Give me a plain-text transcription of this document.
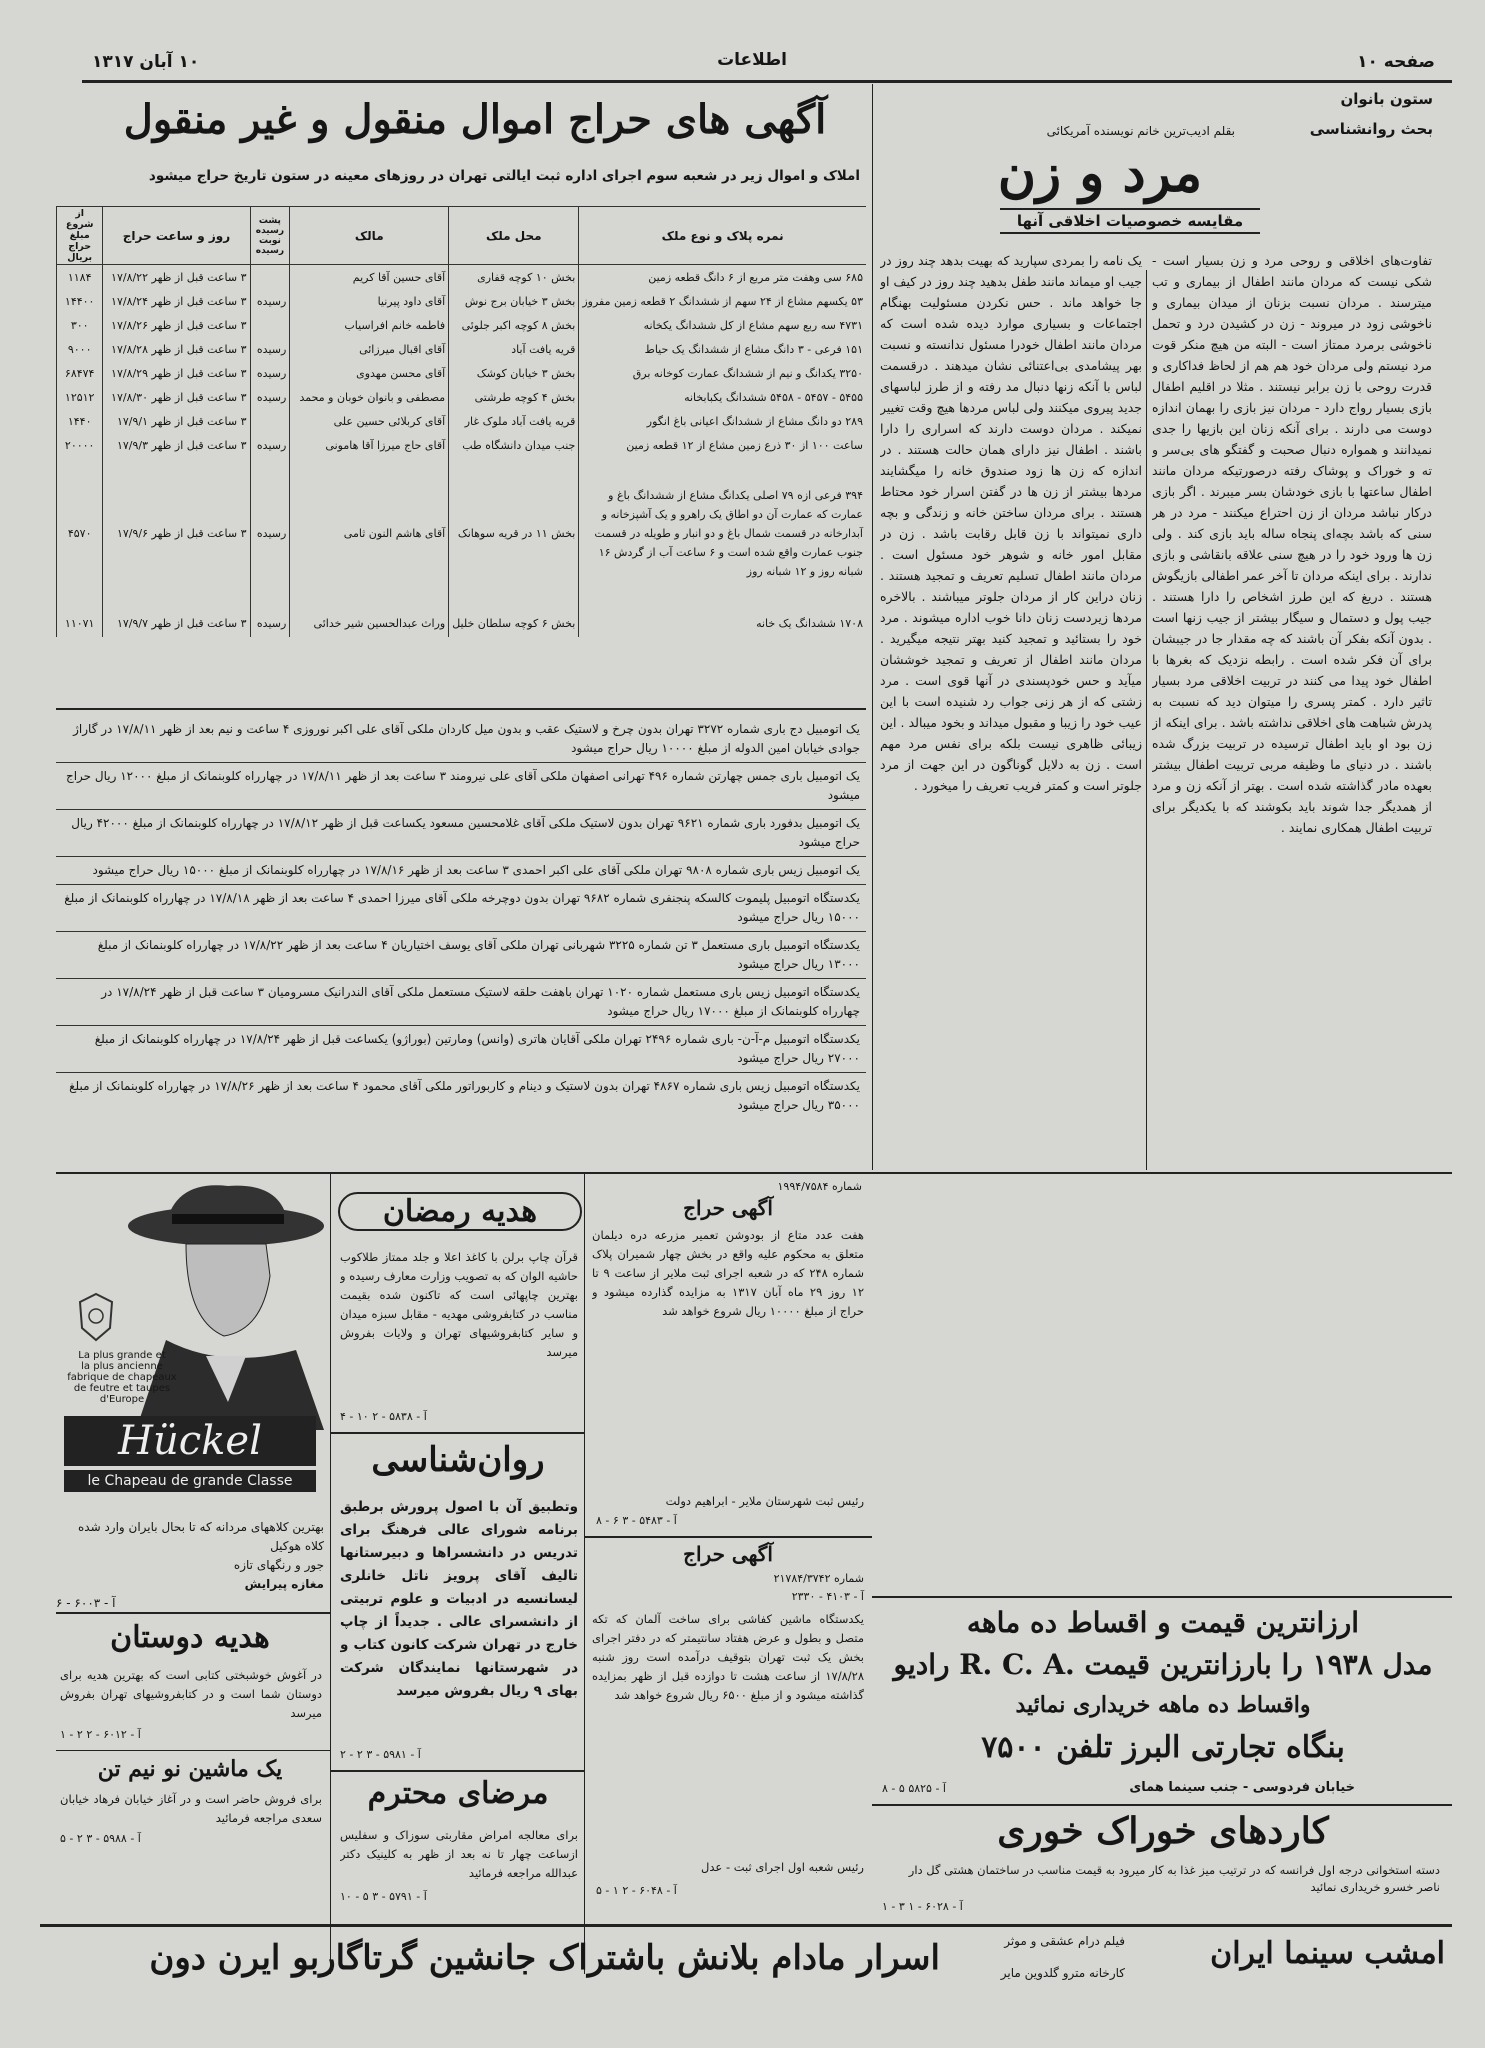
صفحه ۱۰
اطلاعات
۱۰ آبان ۱۳۱۷
ستون بانوان
بحث روانشناسی
بقلم ادیب‌ترین خانم نویسنده آمریکائی
مرد و زن
مقایسه خصوصیات اخلاقی آنها
تفاوت‌های اخلاقی و روحی مرد و زن بسیار است - شکی نیست که مردان مانند اطفال از بیماری و تب میترسند . مردان نسبت بزنان از میدان بیماری و ناخوشی زود در میروند - زن در کشیدن درد و تحمل ناخوشی برمرد ممتاز است - البته من هیچ منکر قوت مرد نیستم ولی مردان خود هم هم از لحاظ فداکاری و قدرت روحی با زن برابر نیستند . مثلا در اقلیم اطفال بازی بسیار رواج دارد - مردان نیز بازی را بهمان اندازه دوست می دارند . برای آنکه زنان این بازیها را جدی نمیدانند و همواره دنبال صحبت و گفتگو های بی‌سر و ته و خوراک و پوشاک رفته درصورتیکه مردان مانند اطفال ساعتها با بازی خودشان بسر میبرند . اگر بازی درکار نباشد مردان از زن احتراع میکنند - مرد در هر سنی که باشد بچه‌ای پنجاه ساله باید بازی کند . ولی زن ها ورود خود را در هیچ سنی علاقه بانقاشی و بازی ندارند . برای اینکه مردان تا آخر عمر اطفالی بازیگوش هستند . دریغ که این طرز اشخاص را دارا هستند . جیب پول و دستمال و سیگار بیشتر از جیب زنها است . بدون آنکه بفکر آن باشند که چه مقدار جا در جیبشان برای آن فکر شده است . رابطه نزدیک که بغرها با اطفال خود پیدا می کنند در تربیت اخلاقی مرد بسیار تاثیر دارد . کمتر پسری را میتوان دید که نسبت به پدرش شباهت های اخلاقی نداشته باشد . برای اینکه از زن بود او باید اطفال ترسیده در تربیت بزرگ شده باشند . در دنیای ما وظیفه مربی تربیت اطفال بیشتر بعهده مادر گذاشته شده است . بهتر از آنکه زن و مرد از همدیگر جدا شوند باید بکوشند که با یکدیگر برای تربیت اطفال همکاری نمایند .
یک نامه را بمردی سپارید که بهیت بدهد چند روز در جیب او میماند مانند طفل بدهید چند روز در کیف او جا خواهد ماند . حس نکردن مسئولیت بهنگام اجتماعات و بسیاری موارد دیده شده است که مردان مانند اطفال خودرا مسئول ندانسته و نسبت بهر پیشامدی بی‌اعتنائی نشان میدهند . درقسمت لباس با آنکه زنها دنبال مد رفته و از طرز لباسهای جدید پیروی میکنند ولی لباس مردها هیچ وقت تغییر نمیکند . مردان دوست دارند که اسراری را دارا باشند . اطفال نیز دارای همان حالت هستند . در اندازه که زن ها زود صندوق خانه را میگشایند مردها بیشتر از زن ها در گفتن اسرار خود محتاط هستند . برای مردان ساختن خانه و زندگی و بچه داری نمیتواند با زن قابل رقابت باشد . زن در مقابل امور خانه و شوهر خود مسئول است . مردان مانند اطفال تسلیم تعریف و تمجید هستند . زنان دراین کار از مردان جلوتر میباشند . بالاخره مردها زیردست زنان دانا خوب اداره میشوند . مرد خود را بستائید و تمجید کنید بهتر نتیجه میگیرید . مردان مانند اطفال از تعریف و تمجید خوششان میآید و حس خودپسندی در آنها قوی است . مرد زشتی که از هر زنی جواب رد شنیده است با این عیب خود را زیبا و مقبول میداند و بخود میبالد . این زیبائی ظاهری نیست بلکه برای نفس مرد مهم است . زن به دلایل گوناگون در این جهت از مرد جلوتر است و کمتر فریب تعریف را میخورد .
آگهی های حراج اموال منقول و غیر منقول
املاک و اموال زیر در شعبه سوم اجرای اداره ثبت ایالتی تهران در روزهای معینه در ستون تاریخ حراج میشود
نمره پلاک و نوع ملک	محل ملک	مالک	پشت رسیده نوبت رسیده	روز و ساعت حراج	از شروع مبلغ حراج بریال
۶۸۵ سی وهفت متر مربع از ۶ دانگ قطعه زمین	بخش ۱۰ کوچه قفاری	آقای حسین آقا کریم		۳ ساعت قبل از ظهر ۱۷/۸/۲۲	۱۱۸۴
۵۳ یکسهم مشاع از ۲۴ سهم از ششدانگ ۲ قطعه زمین مفروز	بخش ۳ خیابان برج نوش	آقای داود پیرنیا	رسیده	۳ ساعت قبل از ظهر ۱۷/۸/۲۴	۱۴۴۰۰
۴۷۳۱ سه ربع سهم مشاع از کل ششدانگ یکخانه	بخش ۸ کوچه اکبر جلوئی	فاطمه خانم افراسیاب		۳ ساعت قبل از ظهر ۱۷/۸/۲۶	۳۰۰
۱۵۱ فرعی - ۳ دانگ مشاع از ششدانگ یک حیاط	قریه یافت آباد	آقای اقبال میرزائی	رسیده	۳ ساعت قبل از ظهر ۱۷/۸/۲۸	۹۰۰۰
۳۲۵۰ یکدانگ و نیم از ششدانگ عمارت کوخانه برق	بخش ۳ خیابان کوشک	آقای محسن مهدوی	رسیده	۳ ساعت قبل از ظهر ۱۷/۸/۲۹	۶۸۴۷۴
۵۴۵۵ - ۵۴۵۷ - ۵۴۵۸ ششدانگ یکبابخانه	بخش ۴ کوچه طرشتی	مصطفی و بانوان خوبان و محمد	رسیده	۳ ساعت قبل از ظهر ۱۷/۸/۳۰	۱۲۵۱۲
۲۸۹ دو دانگ مشاع از ششدانگ اعیانی باغ انگور	قریه یافت آباد ملوک غار	آقای کربلائی حسین علی		۳ ساعت قبل از ظهر ۱۷/۹/۱	۱۴۴۰
ساعت ۱۰۰ از ۳۰ ذرع زمین مشاع از ۱۲ قطعه زمین	جنب میدان دانشگاه طب	آقای حاج میرزا آقا هامونی	رسیده	۳ ساعت قبل از ظهر ۱۷/۹/۳	۲۰۰۰۰
۳۹۴ فرعی ازه ۷۹ اصلی یکدانگ مشاع از ششدانگ باغ و عمارت که عمارت آن دو اطاق یک راهرو و یک آشپزخانه و آبدارخانه در قسمت شمال باغ و دو انبار و طویله در قسمت جنوب عمارت واقع شده است و ۶ ساعت آب از گردش ۱۶ شبانه روز و ۱۲ شبانه روز	بخش ۱۱ در قریه سوهانک	آقای هاشم النون ثامی	رسیده	۳ ساعت قبل از ظهر ۱۷/۹/۶	۴۵۷۰
۱۷۰۸ ششدانگ یک خانه	بخش ۶ کوچه سلطان خلیل	وراث عبدالحسین شیر خدائی	رسیده	۳ ساعت قبل از ظهر ۱۷/۹/۷	۱۱۰۷۱
یک اتومبیل دج باری شماره ۳۲۷۲ تهران بدون چرخ و لاستیک عقب و بدون میل کاردان ملکی آقای علی اکبر نوروزی ۴ ساعت و نیم بعد از ظهر ۱۷/۸/۱۱ در گاراژ جوادی خیابان امین الدوله از مبلغ ۱۰۰۰۰ ریال حراج میشود
یک اتومبیل باری جمس چهارتن شماره ۴۹۶ تهرانی اصفهان ملکی آقای علی نیرومند ۳ ساعت بعد از ظهر ۱۷/۸/۱۱ در چهارراه کلوبنمانک از مبلغ ۱۲۰۰۰ ریال حراج میشود
یک اتومبیل بدفورد باری شماره ۹۶۲۱ تهران بدون لاستیک ملکی آقای غلامحسین مسعود یکساعت قبل از ظهر ۱۷/۸/۱۲ در چهارراه کلوبنمانک از مبلغ ۴۲۰۰۰ ریال حراج میشود
یک اتومبیل زیس باری شماره ۹۸۰۸ تهران ملکی آقای علی اکبر احمدی ۳ ساعت بعد از ظهر ۱۷/۸/۱۶ در چهارراه کلوبنمانک از مبلغ ۱۵۰۰۰ ریال حراج میشود
یکدستگاه اتومبیل پلیموت کالسکه پنجنفری شماره ۹۶۸۲ تهران بدون دوچرخه ملکی آقای میرزا احمدی ۴ ساعت بعد از ظهر ۱۷/۸/۱۸ در چهارراه کلوبنمانک از مبلغ ۱۵۰۰۰ ریال حراج میشود
یکدستگاه اتومبیل باری مستعمل ۳ تن شماره ۳۲۲۵ شهربانی تهران ملکی آقای یوسف اختیاریان ۴ ساعت بعد از ظهر ۱۷/۸/۲۲ در چهارراه کلوبنمانک از مبلغ ۱۳۰۰۰ ریال حراج میشود
یکدستگاه اتومبیل زیس باری مستعمل شماره ۱۰۲۰ تهران باهفت حلقه لاستیک مستعمل ملکی آقای الندرانیک مسرومیان ۳ ساعت قبل از ظهر ۱۷/۸/۲۴ در چهارراه کلوبنمانک از مبلغ ۱۷۰۰۰ ریال حراج میشود
یکدستگاه اتومبیل م-آ-ن- باری شماره ۲۴۹۶ تهران ملکی آقایان هاتری (وانس) ومارتین (بوراژو) یکساعت قبل از ظهر ۱۷/۸/۲۴ در چهارراه کلوبنمانک از مبلغ ۲۷۰۰۰ ریال حراج میشود
یکدستگاه اتومبیل زیس باری شماره ۴۸۶۷ تهران بدون لاستیک و دینام و کاربوراتور ملکی آقای محمود ۴ ساعت بعد از ظهر ۱۷/۸/۲۶ در چهارراه کلوبنمانک از مبلغ ۳۵۰۰۰ ریال حراج میشود
La plus grande et
la plus ancienne
fabrique de chapeaux
de feutre et taupes
d'Europe
Hückel
le Chapeau de grande Classe
بهترین کلاههای مردانه که تا بحال بایران وارد شده کلاه هوکیل
جور و رنگهای تازه
مغازه پیرایش
آ - ۶۰۰۳ - ۶
هدیه دوستان
در آغوش خوشبختی کتابی است که بهترین هدیه برای دوستان شما است و در کتابفروشیهای تهران بفروش میرسد
آ - ۶۰۱۲ - ۲ ۲ - ۱
یک ماشین نو نیم تن
برای فروش حاضر است و در آغاز خیابان فرهاد خیابان سعدی مراجعه فرمائید
آ - ۵۹۸۸ - ۳ ۲ - ۵
هدیه رمضان
قرآن چاپ برلن با کاغذ اعلا و جلد ممتاز طلاکوب حاشیه الوان که به تصویب وزارت معارف رسیده و بهترین چاپهائی است که تاکنون شده بقیمت مناسب در کتابفروشی مهدیه - مقابل سبزه میدان و سایر کتابفروشیهای تهران و ولایات بفروش میرسد
آ - ۵۸۳۸ - ۲ ۱۰ - ۴
روان‌شناسی
وتطبیق آن با اصول پرورش برطبق برنامه شورای عالی فرهنگ برای تدریس در دانشسراها و دبیرستانها تالیف آقای پرویز ناتل خانلری لیسانسیه در ادبیات و علوم تربیتی از دانشسرای عالی . جدیداً از چاپ خارج در تهران شرکت کانون کتاب و در شهرستانها نمایندگان شرکت بهای ۹ ریال بفروش میرسد
آ - ۵۹۸۱ - ۳ ۲ - ۲
مرضای محترم
برای معالجه امراض مقاربتی سوزاک و سفلیس ازساعت چهار تا نه بعد از ظهر به کلینیک دکتر عبدالله مراجعه فرمائید
آ - ۵۷۹۱ - ۳ ۵ - ۱۰
شماره ۱۹۹۴/۷۵۸۴
آگهی حراج
هفت عدد متاع از بودوشن تعمیر مزرعه دره دیلمان متعلق به محکوم علیه واقع در بخش چهار شمیران پلاک شماره ۲۴۸ که در شعبه اجرای ثبت ملایر از ساعت ۹ تا ۱۲ روز ۲۹ ماه آبان ۱۳۱۷ به مزایده گذارده میشود و حراج از مبلغ ۱۰۰۰۰ ریال شروع خواهد شد
رئیس ثبت شهرستان ملایر - ابراهیم دولت
آ - ۵۴۸۳ - ۳ ۶ - ۸
آگهی حراج
شماره ۲۱۷۸۴/۳۷۴۲
آ - ۴۱۰۳ - ۲۳۳۰
یکدستگاه ماشین کفاشی برای ساخت آلمان که تکه متصل و بطول و عرض هفتاد سانتیمتر که در دفتر اجرای بخش یک ثبت تهران بتوقیف درآمده است روز شنبه ۱۷/۸/۲۸ از ساعت هشت تا دوازده قبل از ظهر بمزایده گذاشته میشود و از مبلغ ۶۵۰۰ ریال شروع خواهد شد
رئیس شعبه اول اجرای ثبت - عدل
آ - ۶۰۴۸ - ۲ ۱ - ۵
ارزانترین قیمت و اقساط ده ماهه
رادیو R. C. A. مدل ۱۹۳۸ را بارزانترین قیمت
واقساط ده ماهه خریداری نمائید
بنگاه تجارتی البرز تلفن ۷۵۰۰
خیابان فردوسی - جنب سینما همای
آ - ۵۸۲۵ ۵ - ۸
کاردهای خوراک خوری
دسته استخوانی درجه اول فرانسه که در ترتیب میز غذا به کار میرود به قیمت مناسب در ساختمان هشتی گل دار ناصر خسرو خریداری نمائید
آ - ۶۰۲۸ - ۱ ۳ - ۱
امشب سینما ایران
فیلم درام عشقی و موثر
کارخانه مترو گلدوین مایر
اسرار مادام بلانش باشتراک جانشین گرتاگاربو ایرن دون
